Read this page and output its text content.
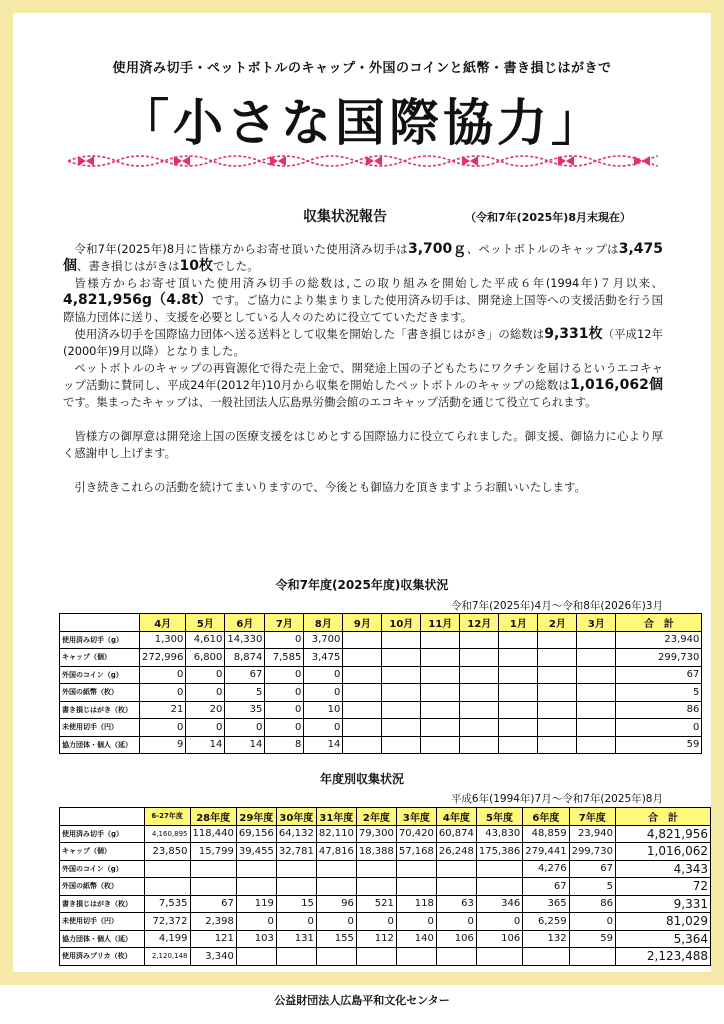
使用済み切手・ペットボトルのキャップ・外国のコインと紙幣・書き損じはがきで
「小さな国際協力」
収集状況報告	（令和7年(2025年)8月末現在）

令和7年(2025年)8月に皆様方からお寄せ頂いた使用済み切手は3,700ｇ、ペットボトルのキャップは3,475個、書き損じはがきは10枚でした。

皆様方からお寄せ頂いた使用済み切手の総数は,この取り組みを開始した平成６年(1994年)７月以来、4,821,956g（4.8t）です。ご協力により集まりました使用済み切手は、開発途上国等への支援活動を行う国際協力団体に送り、支援を必要としている人々のために役立てていただきます。

使用済み切手を国際協力団体へ送る送料として収集を開始した「書き損じはがき」の総数は9,331枚（平成12年(2000年)9月以降）となりました。

ペットボトルのキャップの再資源化で得た売上金で、開発途上国の子どもたちにワクチンを届けるというエコキャップ活動に賛同し、平成24年(2012年)10月から収集を開始したペットボトルのキャップの総数は1,016,062個です。集まったキャップは、一般社団法人広島県労働会館のエコキャップ活動を通じて役立てられます。

皆様方の御厚意は開発途上国の医療支援をはじめとする国際協力に役立てられました。御支援、御協力に心より厚く感謝申し上げます。

引き続きこれらの活動を続けてまいりますので、今後とも御協力を頂きますようお願いいたします。

令和7年度(2025年度)収集状況
令和7年(2025年)4月～令和8年(2026年)3月
	4月	5月	6月	7月	8月	9月	10月	11月	12月	1月	2月	3月	合　計
使用済み切手（g）	1,300	4,610	14,330	0	3,700								23,940
キャップ（個）	272,996	6,800	8,874	7,585	3,475								299,730
外国のコイン（g）	0	0	67	0	0								67
外国の紙幣（枚）	0	0	5	0	0								5
書き損じはがき（枚）	21	20	35	0	10								86
未使用切手（円）	0	0	0	0	0								0
協力団体・個人（延）	9	14	14	8	14								59
年度別収集状況
平成6年(1994年)7月～令和7年(2025年)8月
	6-27年度	28年度	29年度	30年度	31年度	2年度	3年度	4年度	5年度	6年度	7年度	合　計
使用済み切手（g）	4,160,895	118,440	69,156	64,132	82,110	79,300	70,420	60,874	43,830	48,859	23,940	4,821,956
キャップ（個）	23,850	15,799	39,455	32,781	47,816	18,388	57,168	26,248	175,386	279,441	299,730	1,016,062
外国のコイン（g）										4,276	67	4,343
外国の紙幣（枚）										67	5	72
書き損じはがき（枚）	7,535	67	119	15	96	521	118	63	346	365	86	9,331
未使用切手（円）	72,372	2,398	0	0	0	0	0	0	0	6,259	0	81,029
協力団体・個人（延）	4,199	121	103	131	155	112	140	106	106	132	59	5,364
使用済みプリカ（枚）	2,120,148	3,340										2,123,488
公益財団法人広島平和文化センター
